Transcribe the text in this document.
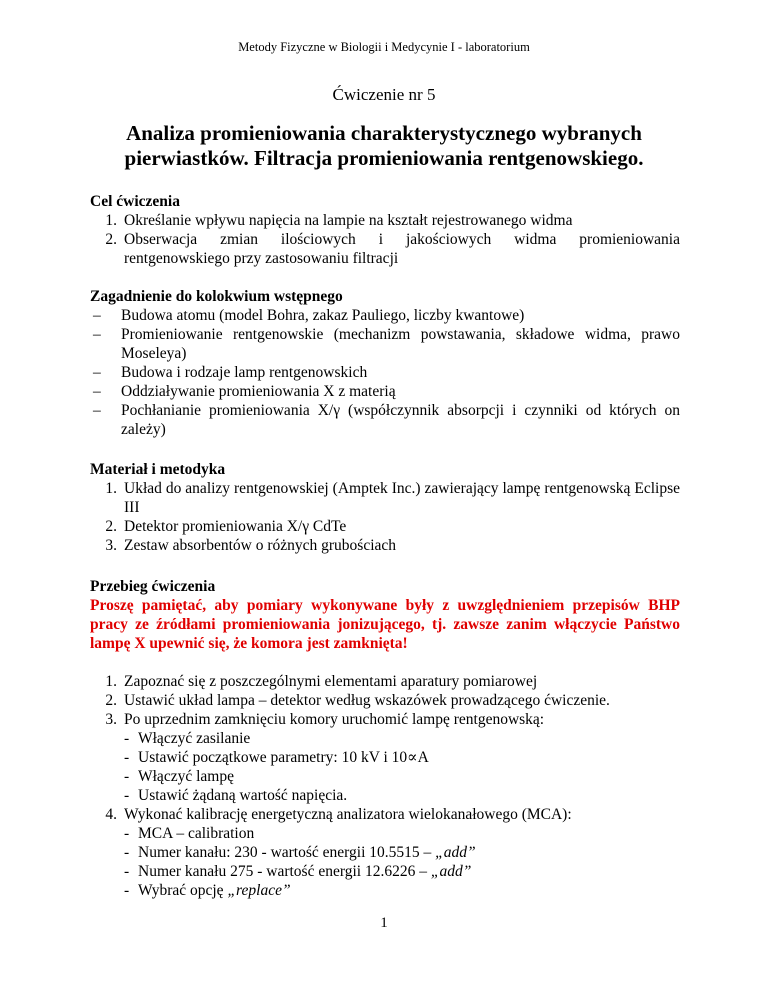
Metody Fizyczne w Biologii i Medycynie I - laboratorium
Ćwiczenie nr 5
Analiza promieniowania charakterystycznego wybranych
pierwiastków. Filtracja promieniowania rentgenowskiego.
Cel ćwiczenia
1. Określanie wpływu napięcia na lampie na kształt rejestrowanego widma
2. Obserwacja zmian ilościowych i jakościowych widma promieniowania
rentgenowskiego przy zastosowaniu filtracji
Zagadnienie do kolokwium wstępnego
–	Budowa atomu (model Bohra, zakaz Pauliego, liczby kwantowe)
–	Promieniowanie rentgenowskie (mechanizm powstawania, składowe widma, prawo Moseleya)
–	Budowa i rodzaje lamp rentgenowskich
–	Oddziaływanie promieniowania X z materią
–	Pochłanianie promieniowania X/γ (współczynnik absorpcji i czynniki od których on zależy)
Materiał i metodyka
1. Układ do analizy rentgenowskiej (Amptek Inc.) zawierający lampę rentgenowską Eclipse III
2. Detektor promieniowania X/γ CdTe
3. Zestaw absorbentów o różnych grubościach
Przebieg ćwiczenia
Proszę pamiętać, aby pomiary wykonywane były z uwzględnieniem przepisów BHP pracy ze źródłami promieniowania jonizującego, tj. zawsze zanim włączycie Państwo lampę X upewnić się, że komora jest zamknięta!
1. Zapoznać się z poszczególnymi elementami aparatury pomiarowej
2. Ustawić układ lampa – detektor według wskazówek prowadzącego ćwiczenie.
3. Po uprzednim zamknięciu komory uruchomić lampę rentgenowską:
- Włączyć zasilanie
- Ustawić początkowe parametry: 10 kV i 10∝A
- Włączyć lampę
- Ustawić żądaną wartość napięcia.
4. Wykonać kalibrację energetyczną analizatora wielokanałowego (MCA):
- MCA – calibration
- Numer kanału: 230 - wartość energii 10.5515 – „add”
- Numer kanału 275 - wartość energii 12.6226 – „add”
- Wybrać opcję „replace”
1
